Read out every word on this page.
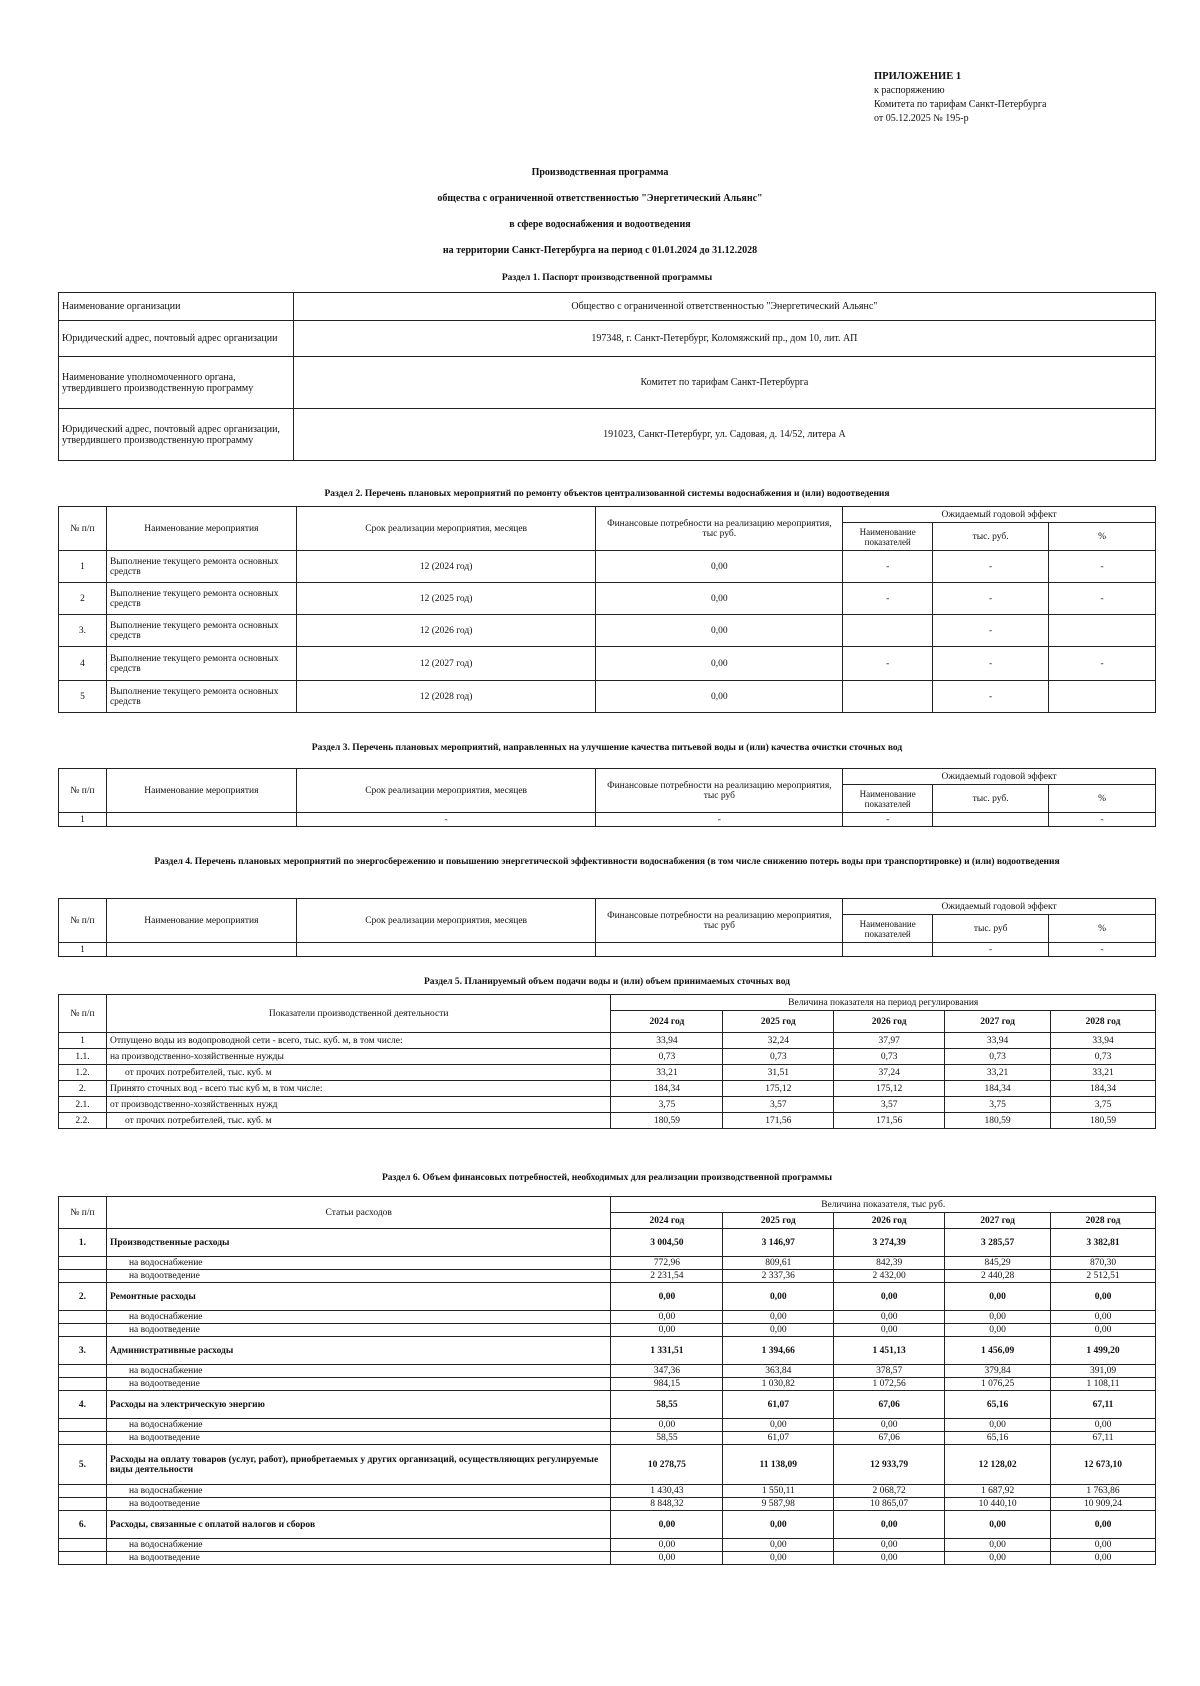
ПРИЛОЖЕНИЕ 1
к распоряжению
Комитета по тарифам Санкт-Петербурга
от 05.12.2025 № 195-р
Производственная программа
общества с ограниченной ответственностью "Энергетический Альянс"
в сфере водоснабжения и водоотведения
на территории Санкт-Петербурга на период с 01.01.2024 до 31.12.2028
Раздел 1. Паспорт производственной программы
Наименование организации	Общество с ограниченной ответственностью "Энергетический Альянс"
Юридический адрес, почтовый адрес организации	197348, г. Санкт-Петербург, Коломяжский пр., дом 10, лит. АП
Наименование уполномоченного органа, утвердившего производственную программу	Комитет по тарифам Санкт-Петербурга
Юридический адрес, почтовый адрес организации, утвердившего производственную программу	191023, Санкт-Петербург, ул. Садовая, д. 14/52, литера А
Раздел 2. Перечень плановых мероприятий по ремонту объектов централизованной системы водоснабжения и (или) водоотведения
№ п/п	Наименование мероприятия	Срок реализации мероприятия, месяцев	Финансовые потребности на реализацию мероприятия, тыс руб.	Ожидаемый годовой эффект		
				Наименование показателей	тыс. руб.	%
1	Выполнение текущего ремонта основных средств	12 (2024 год)	0,00	-	-	-
2	Выполнение текущего ремонта основных средств	12 (2025 год)	0,00	-	-	-
3.	Выполнение текущего ремонта основных средств	12 (2026 год)	0,00		-	
4	Выполнение текущего ремонта основных средств	12 (2027 год)	0,00	-	-	-
5	Выполнение текущего ремонта основных средств	12 (2028 год)	0,00		-	
Раздел 3. Перечень плановых мероприятий, направленных на улучшение качества питьевой воды и (или) качества очистки сточных вод
№ п/п	Наименование мероприятия	Срок реализации мероприятия, месяцев	Финансовые потребности на реализацию мероприятия, тыс руб	Ожидаемый годовой эффект		
				Наименование показателей	тыс. руб.	%
1		-	-	-		-
Раздел 4. Перечень плановых мероприятий по энергосбережению и повышению энергетической эффективности водоснабжения (в том числе снижению потерь воды при транспортировке) и (или) водоотведения
№ п/п	Наименование мероприятия	Срок реализации мероприятия, месяцев	Финансовые потребности на реализацию мероприятия, тыс руб	Ожидаемый годовой эффект		
				Наименование показателей	тыс. руб	%
1					-	-
Раздел 5. Планируемый объем подачи воды и (или) объем принимаемых сточных вод
№ п/п	Показатели производственной деятельности	Величина показателя на период регулирования				
		2024 год	2025 год	2026 год	2027 год	2028 год
1	Отпущено воды из водопроводной сети - всего, тыс. куб. м, в том числе:	33,94	32,24	37,97	33,94	33,94
1.1.	на производственно-хозяйственные нужды	0,73	0,73	0,73	0,73	0,73
1.2.	от прочих потребителей, тыс. куб. м	33,21	31,51	37,24	33,21	33,21
2.	Принято сточных вод - всего тыс куб м, в том числе:	184,34	175,12	175,12	184,34	184,34
2.1.	от производственно-хозяйственных нужд	3,75	3,57	3,57	3,75	3,75
2.2.	от прочих потребителей, тыс. куб. м	180,59	171,56	171,56	180,59	180,59
Раздел 6. Объем финансовых потребностей, необходимых для реализации производственной программы
№ п/п	Статьи расходов	Величина показателя, тыс руб.				
		2024 год	2025 год	2026 год	2027 год	2028 год
1.	Производственные расходы	3 004,50	3 146,97	3 274,39	3 285,57	3 382,81
	на водоснабжение	772,96	809,61	842,39	845,29	870,30
	на водоотведение	2 231,54	2 337,36	2 432,00	2 440,28	2 512,51
2.	Ремонтные расходы	0,00	0,00	0,00	0,00	0,00
	на водоснабжение	0,00	0,00	0,00	0,00	0,00
	на водоотведение	0,00	0,00	0,00	0,00	0,00
3.	Административные расходы	1 331,51	1 394,66	1 451,13	1 456,09	1 499,20
	на водоснабжение	347,36	363,84	378,57	379,84	391,09
	на водоотведение	984,15	1 030,82	1 072,56	1 076,25	1 108,11
4.	Расходы на электрическую энергию	58,55	61,07	67,06	65,16	67,11
	на водоснабжение	0,00	0,00	0,00	0,00	0,00
	на водоотведение	58,55	61,07	67,06	65,16	67,11
5.	Расходы на оплату товаров (услуг, работ), приобретаемых у других организаций, осуществляющих регулируемые виды деятельности	10 278,75	11 138,09	12 933,79	12 128,02	12 673,10
	на водоснабжение	1 430,43	1 550,11	2 068,72	1 687,92	1 763,86
	на водоотведение	8 848,32	9 587,98	10 865,07	10 440,10	10 909,24
6.	Расходы, связанные с оплатой налогов и сборов	0,00	0,00	0,00	0,00	0,00
	на водоснабжение	0,00	0,00	0,00	0,00	0,00
	на водоотведение	0,00	0,00	0,00	0,00	0,00
